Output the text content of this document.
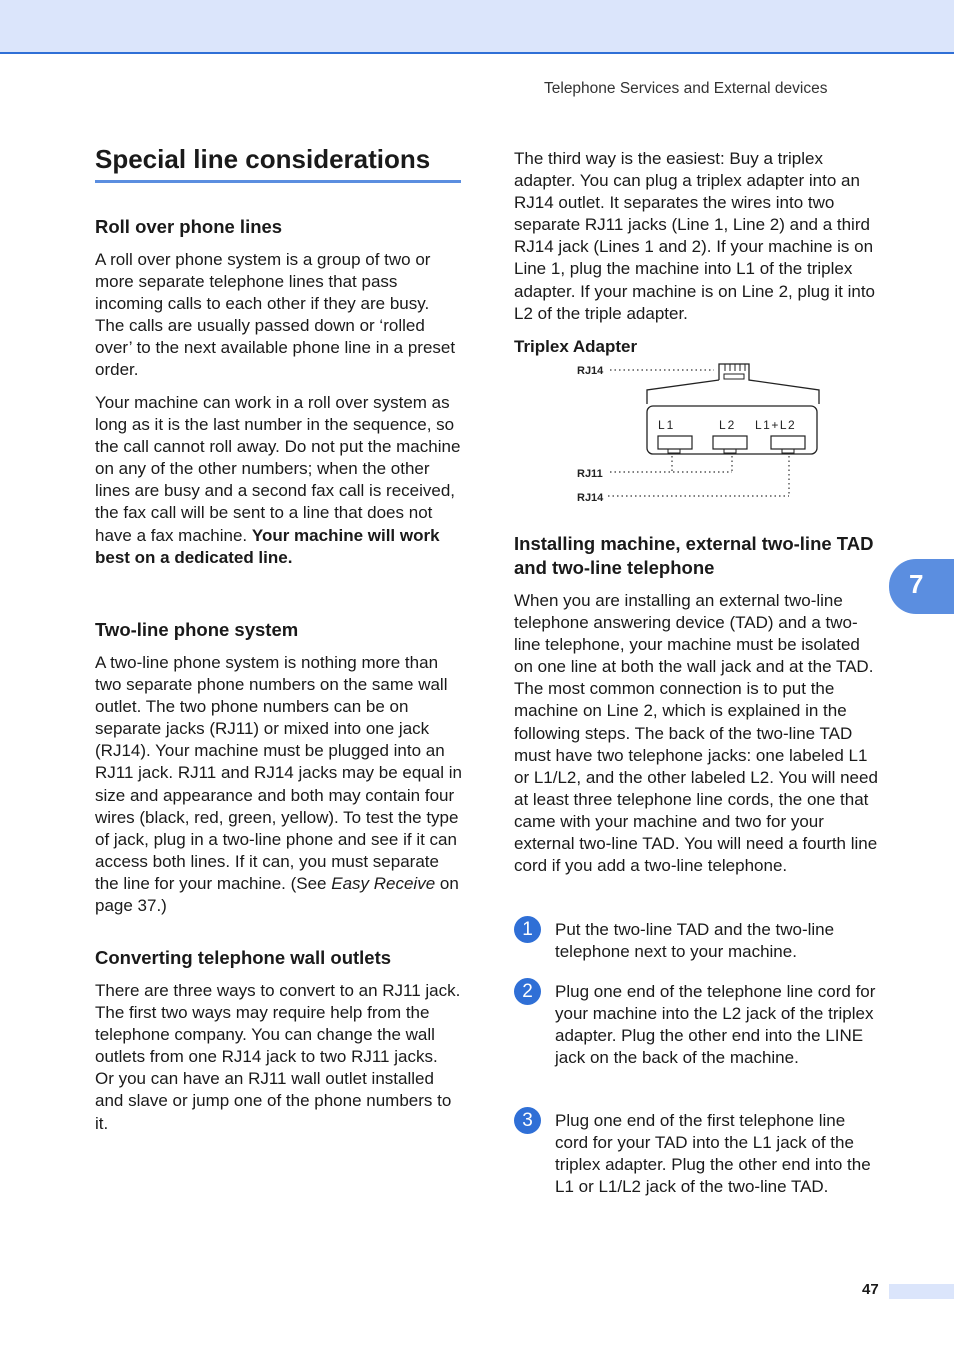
Telephone Services and External devices
Special line considerations
Roll over phone lines

A roll over phone system is a group of two or more separate telephone lines that pass incoming calls to each other if they are busy. The calls are usually passed down or ‘rolled over’ to the next available phone line in a preset order.

Your machine can work in a roll over system as long as it is the last number in the sequence, so the call cannot roll away. Do not put the machine on any of the other numbers; when the other lines are busy and a second fax call is received, the fax call will be sent to a line that does not have a fax machine. Your machine will work best on a dedicated line.

Two-line phone system

A two-line phone system is nothing more than two separate phone numbers on the same wall outlet. The two phone numbers can be on separate jacks (RJ11) or mixed into one jack (RJ14). Your machine must be plugged into an RJ11 jack. RJ11 and RJ14 jacks may be equal in size and appearance and both may contain four wires (black, red, green, yellow). To test the type of jack, plug in a two-line phone and see if it can access both lines. If it can, you must separate the line for your machine. (See Easy Receive on page 37.)

Converting telephone wall outlets

There are three ways to convert to an RJ11 jack. The first two ways may require help from the telephone company. You can change the wall outlets from one RJ14 jack to two RJ11 jacks. Or you can have an RJ11 wall outlet installed and slave or jump one of the phone numbers to it.

The third way is the easiest: Buy a triplex adapter. You can plug a triplex adapter into an RJ14 outlet. It separates the wires into two separate RJ11 jacks (Line 1, Line 2) and a third RJ14 jack (Lines 1 and 2). If your machine is on Line 1, plug the machine into L1 of the triplex adapter. If your machine is on Line 2, plug it into L2 of the triple adapter.

Triplex Adapter
L1	L2 L1+L2
RJ14
RJ11
RJ14
Installing machine, external two-line TAD and two-line telephone

When you are installing an external two-line telephone answering device (TAD) and a two-line telephone, your machine must be isolated on one line at both the wall jack and at the TAD. The most common connection is to put the machine on Line 2, which is explained in the following steps. The back of the two-line TAD must have two telephone jacks: one labeled L1 or L1/L2, and the other labeled L2. You will need at least three telephone line cords, the one that came with your machine and two for your external two-line TAD. You will need a fourth line cord if you add a two-line telephone.

1	Put the two-line TAD and the two-line telephone next to your machine.
2	Plug one end of the telephone line cord for your machine into the L2 jack of the triplex adapter. Plug the other end into the LINE jack on the back of the machine.
3	Plug one end of the first telephone line cord for your TAD into the L1 jack of the triplex adapter. Plug the other end into the L1 or L1/L2 jack of the two-line TAD.
7
47
